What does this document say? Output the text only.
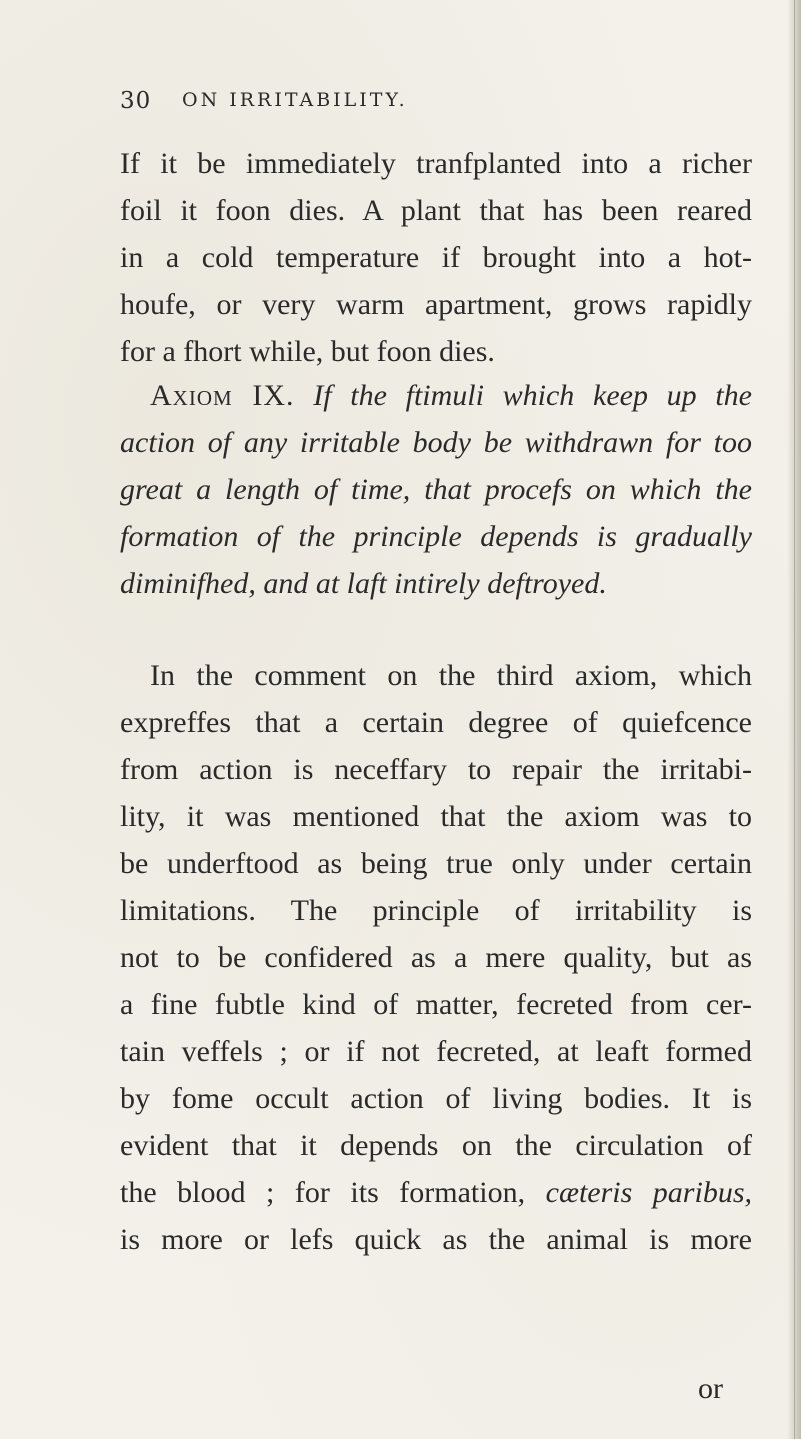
30 ON IRRITABILITY.
If it be immediately tranfplanted into a richer
foil it foon dies. A plant that has been reared
in a cold temperature if brought into a hot-
houfe, or very warm apartment, grows rapidly
for a fhort while, but foon dies.
Axiom IX. If the ftimuli which keep up the
action of any irritable body be withdrawn for too
great a length of time, that procefs on which the
formation of the principle depends is gradually
diminifhed, and at laft intirely deftroyed.
In the comment on the third axiom, which
expreffes that a certain degree of quiefcence
from action is neceffary to repair the irritabi-
lity, it was mentioned that the axiom was to
be underftood as being true only under certain
limitations. The principle of irritability is
not to be confidered as a mere quality, but as
a fine fubtle kind of matter, fecreted from cer-
tain veffels ; or if not fecreted, at leaft formed
by fome occult action of living bodies. It is
evident that it depends on the circulation of
the blood ; for its formation, cæteris paribus,
is more or lefs quick as the animal is more
or
